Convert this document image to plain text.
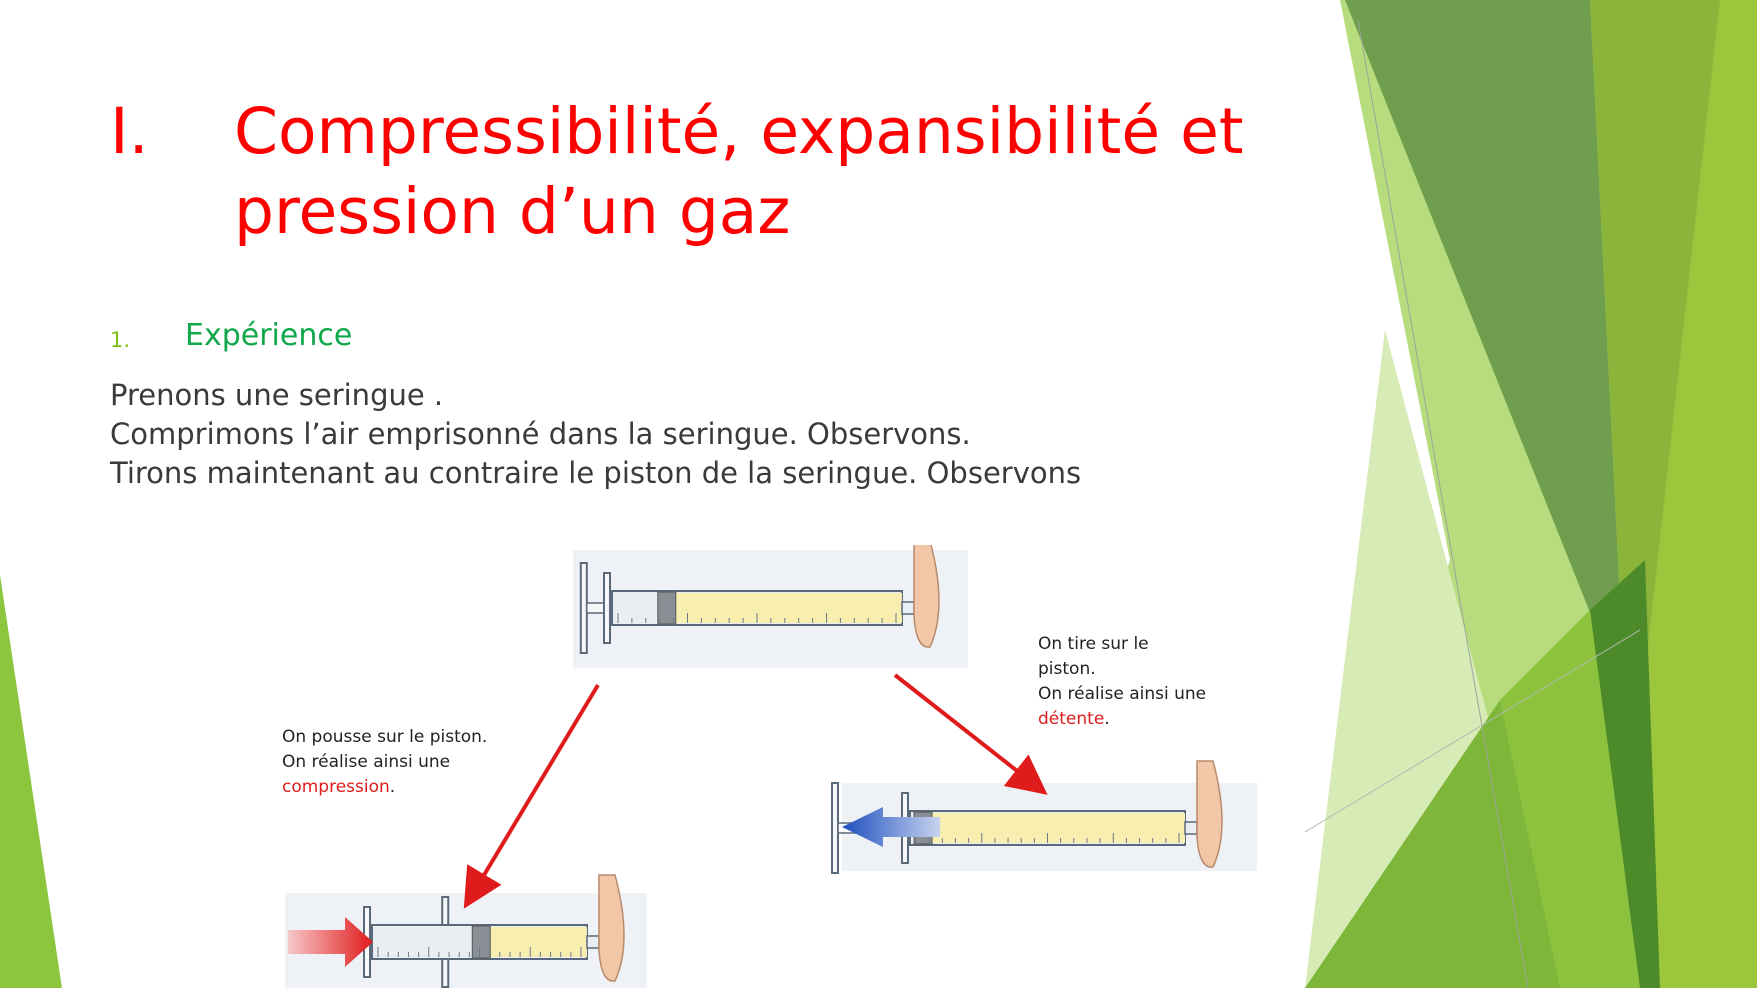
I. Compressibilité, expansibilité et
pression d’un gaz
1. Expérience
Prenons une seringue .
Comprimons l’air emprisonné dans la seringue. Observons.
Tirons maintenant au contraire le piston de la seringue. Observons
On pousse sur le piston.
On réalise ainsi une
compression.
On tire sur le
piston.
On réalise ainsi une
détente.
